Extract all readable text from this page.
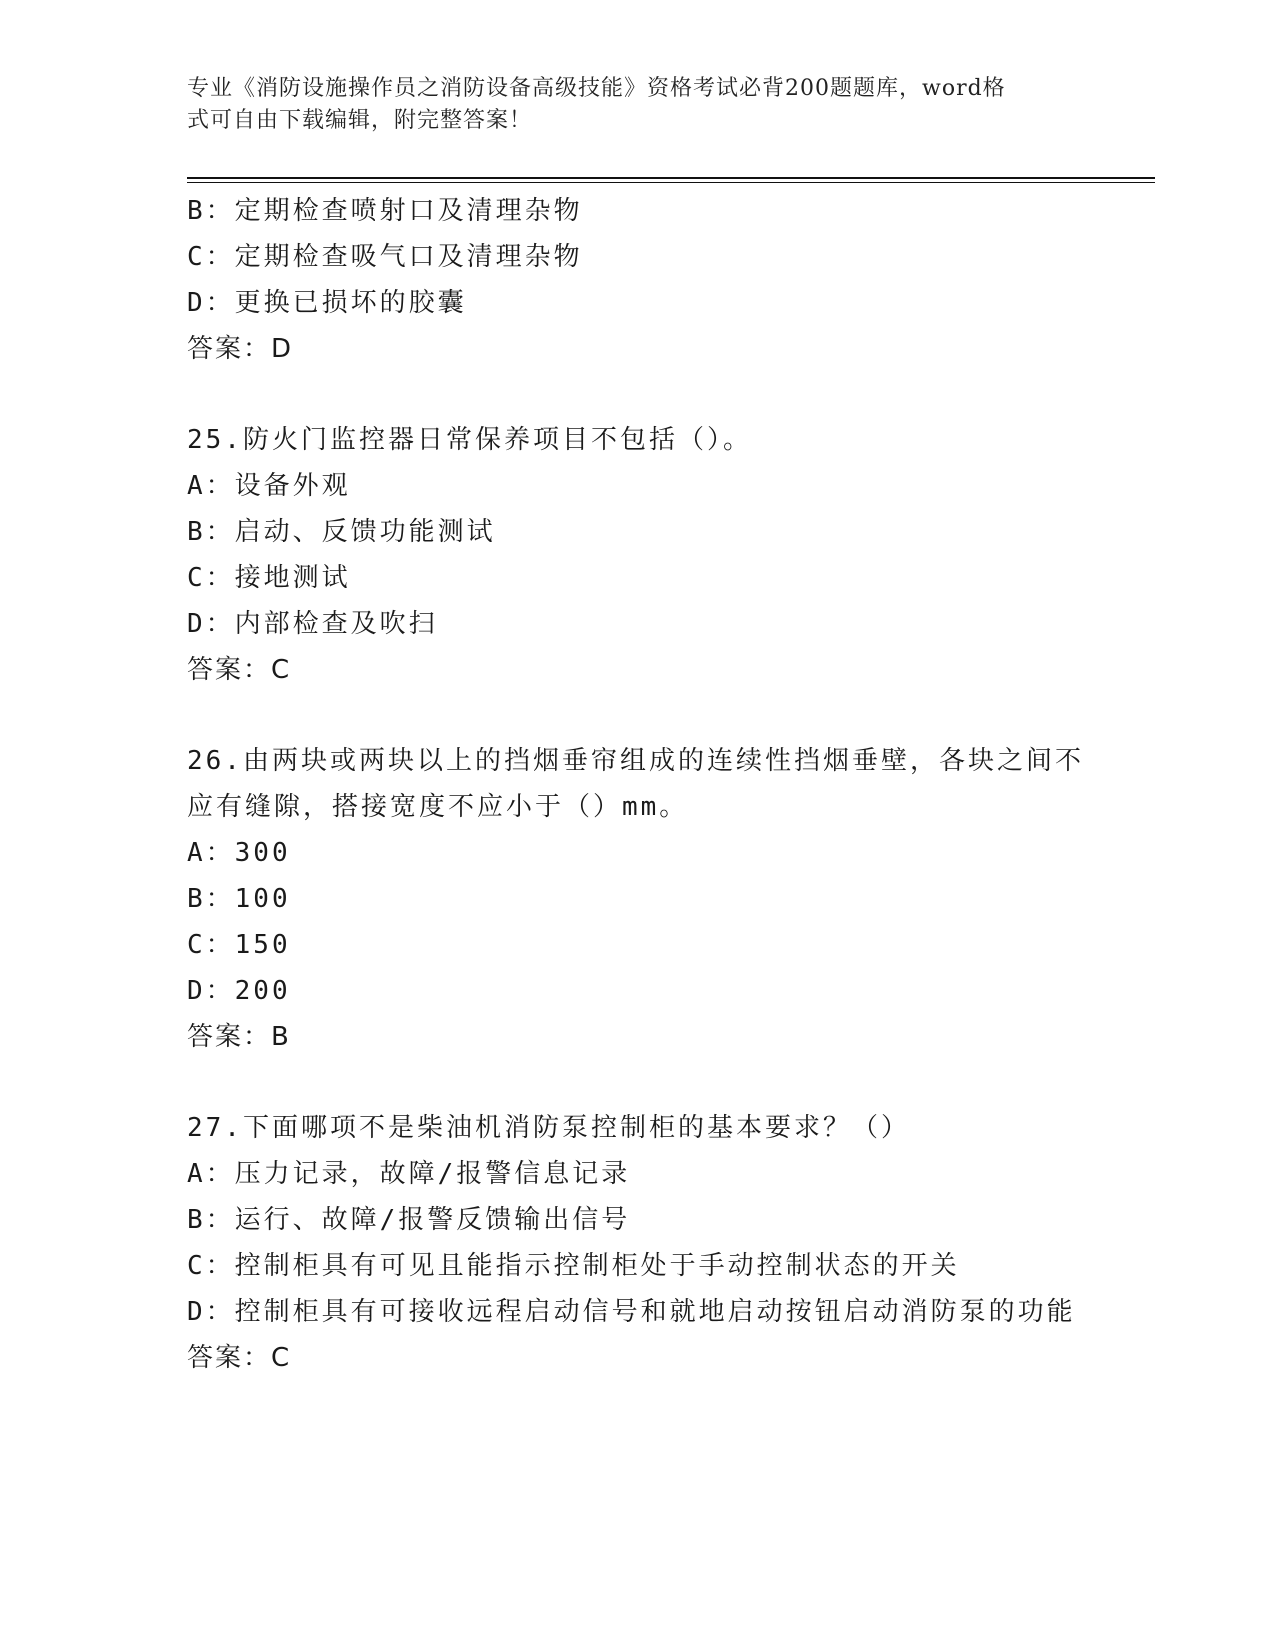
专业《消防设施操作员之消防设备高级技能》资格考试必背200题题库，word格
式可自由下载编辑，附完整答案！
B：定期检查喷射口及清理杂物
C：定期检查吸气口及清理杂物
D：更换已损坏的胶囊
答案：D
25.防火门监控器日常保养项目不包括（）。
A：设备外观
B：启动、反馈功能测试
C：接地测试
D：内部检查及吹扫
答案：C
26.由两块或两块以上的挡烟垂帘组成的连续性挡烟垂壁，各块之间不
应有缝隙，搭接宽度不应小于（）mm。
A：300
B：100
C：150
D：200
答案：B
27.下面哪项不是柴油机消防泵控制柜的基本要求？（）
A：压力记录，故障/报警信息记录
B：运行、故障/报警反馈输出信号
C：控制柜具有可见且能指示控制柜处于手动控制状态的开关
D：控制柜具有可接收远程启动信号和就地启动按钮启动消防泵的功能
答案：C
